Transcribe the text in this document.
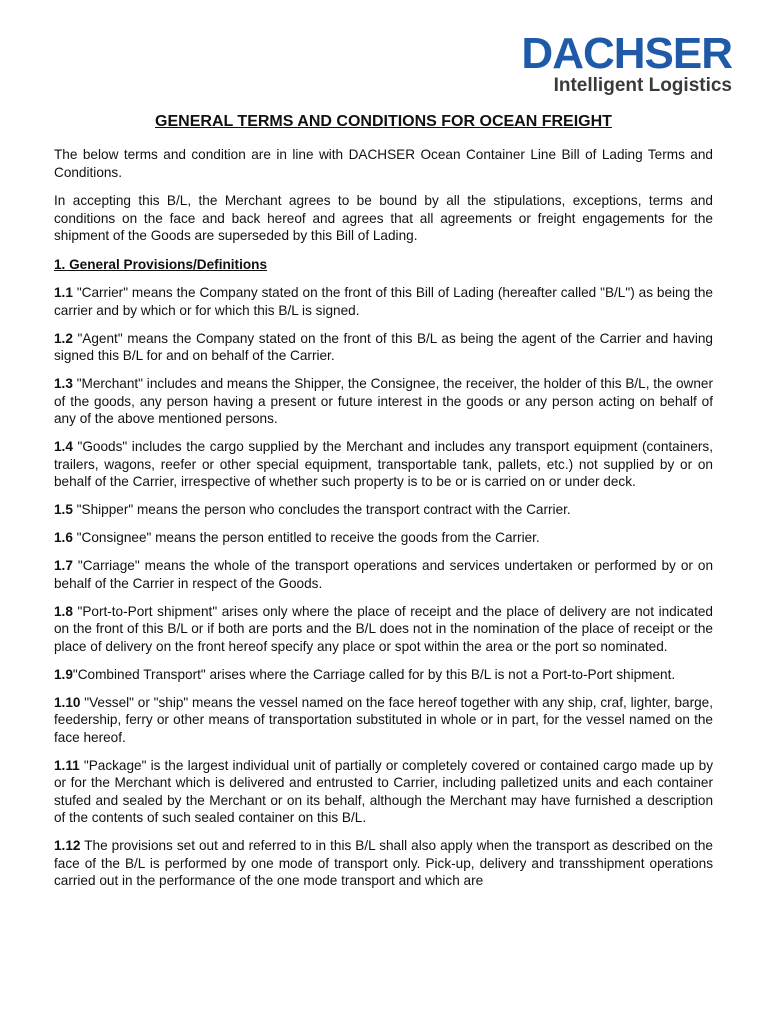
DACHSER
Intelligent Logistics
GENERAL TERMS AND CONDITIONS FOR OCEAN FREIGHT

The below terms and condition are in line with DACHSER Ocean Container Line Bill of Lading Terms and Conditions.

In accepting this B/L, the Merchant agrees to be bound by all the stipulations, exceptions, terms and conditions on the face and back hereof and agrees that all agreements or freight engagements for the shipment of the Goods are superseded by this Bill of Lading.

1. General Provisions/Definitions

1.1 "Carrier" means the Company stated on the front of this Bill of Lading (hereafter called "B/L") as being the carrier and by which or for which this B/L is signed.

1.2 "Agent" means the Company stated on the front of this B/L as being the agent of the Carrier and having signed this B/L for and on behalf of the Carrier.

1.3 "Merchant" includes and means the Shipper, the Consignee, the receiver, the holder of this B/L, the owner of the goods, any person having a present or future interest in the goods or any person acting on behalf of any of the above mentioned persons.

1.4 "Goods" includes the cargo supplied by the Merchant and includes any transport equipment (containers, trailers, wagons, reefer or other special equipment, transportable tank, pallets, etc.) not supplied by or on behalf of the Carrier, irrespective of whether such property is to be or is carried on or under deck.

1.5 "Shipper" means the person who concludes the transport contract with the Carrier.

1.6 "Consignee" means the person entitled to receive the goods from the Carrier.

1.7 "Carriage" means the whole of the transport operations and services undertaken or performed by or on behalf of the Carrier in respect of the Goods.

1.8 "Port-to-Port shipment" arises only where the place of receipt and the place of delivery are not indicated on the front of this B/L or if both are ports and the B/L does not in the nomination of the place of receipt or the place of delivery on the front hereof specify any place or spot within the area or the port so nominated.

1.9"Combined Transport" arises where the Carriage called for by this B/L is not a Port-to-Port shipment.

1.10 "Vessel" or "ship" means the vessel named on the face hereof together with any ship, craf, lighter, barge, feedership, ferry or other means of transportation substituted in whole or in part, for the vessel named on the face hereof.

1.11 "Package" is the largest individual unit of partially or completely covered or contained cargo made up by or for the Merchant which is delivered and entrusted to Carrier, including palletized units and each container stufed and sealed by the Merchant or on its behalf, although the Merchant may have furnished a description of the contents of such sealed container on this B/L.

1.12 The provisions set out and referred to in this B/L shall also apply when the transport as described on the face of the B/L is performed by one mode of transport only. Pick-up, delivery and transshipment operations carried out in the performance of the one mode transport and which are
